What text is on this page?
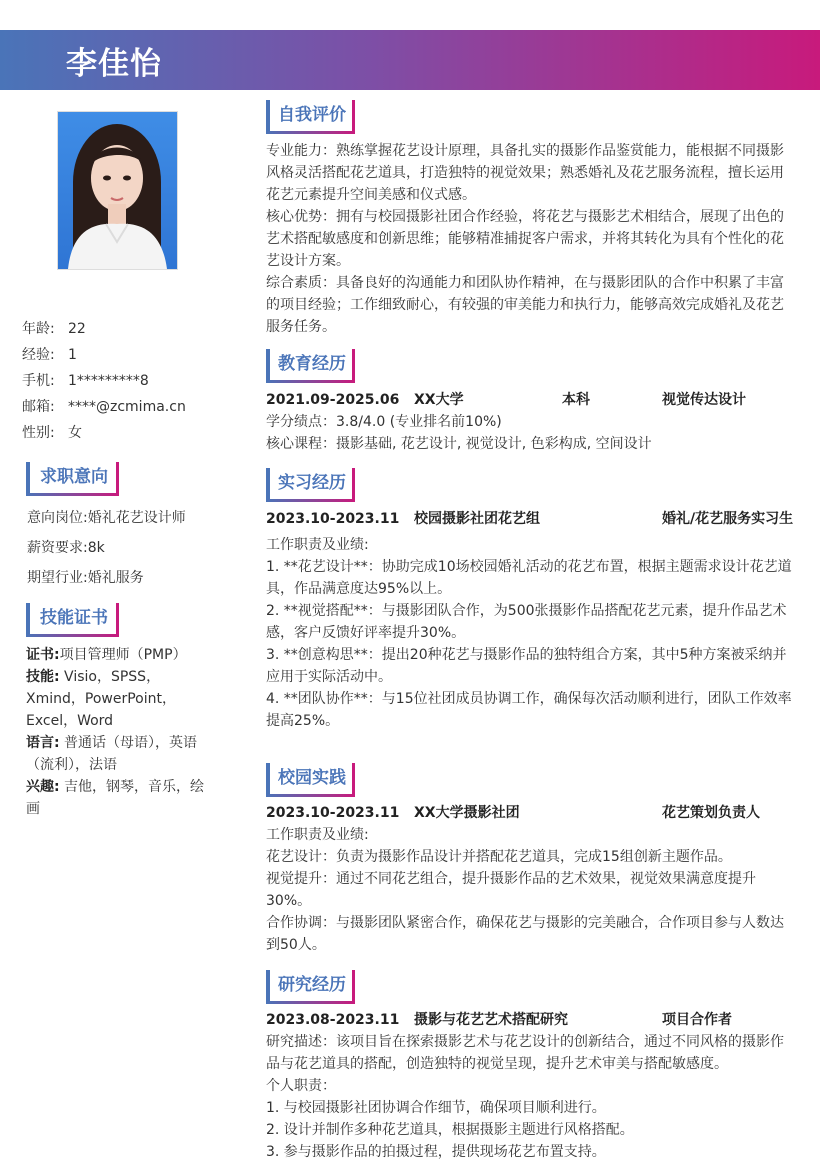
李佳怡
年龄: 22
经验: 1
手机: 1*********8
邮箱: ****@zcmima.cn
性别: 女
求职意向
意向岗位:婚礼花艺设计师
薪资要求:8k
期望行业:婚礼服务
技能证书
证书:项目管理师（PMP）
技能: Visio，SPSS，Xmind，PowerPoint，Excel，Word
语言: 普通话（母语），英语（流利），法语
兴趣: 吉他，钢琴，音乐，绘画
自我评价

专业能力：熟练掌握花艺设计原理，具备扎实的摄影作品鉴赏能力，能根据不同摄影风格灵活搭配花艺道具，打造独特的视觉效果；熟悉婚礼及花艺服务流程，擅长运用花艺元素提升空间美感和仪式感。

核心优势：拥有与校园摄影社团合作经验，将花艺与摄影艺术相结合，展现了出色的艺术搭配敏感度和创新思维；能够精准捕捉客户需求，并将其转化为具有个性化的花艺设计方案。

综合素质：具备良好的沟通能力和团队协作精神，在与摄影团队的合作中积累了丰富的项目经验；工作细致耐心，有较强的审美能力和执行力，能够高效完成婚礼及花艺服务任务。

教育经历
2021.09-2025.06	XX大学	本科	视觉传达设计

学分绩点：3.8/4.0 (专业排名前10%)

核心课程：摄影基础, 花艺设计, 视觉设计, 色彩构成, 空间设计

实习经历
2023.10-2023.11	校园摄影社团花艺组	婚礼/花艺服务实习生

工作职责及业绩:

1. **花艺设计**：协助完成10场校园婚礼活动的花艺布置，根据主题需求设计花艺道具，作品满意度达95%以上。

2. **视觉搭配**：与摄影团队合作，为500张摄影作品搭配花艺元素，提升作品艺术感，客户反馈好评率提升30%。

3. **创意构思**：提出20种花艺与摄影作品的独特组合方案，其中5种方案被采纳并应用于实际活动中。

4. **团队协作**：与15位社团成员协调工作，确保每次活动顺利进行，团队工作效率提高25%。

校园实践
2023.10-2023.11	XX大学摄影社团	花艺策划负责人

工作职责及业绩:

花艺设计：负责为摄影作品设计并搭配花艺道具，完成15组创新主题作品。

视觉提升：通过不同花艺组合，提升摄影作品的艺术效果，视觉效果满意度提升30%。

合作协调：与摄影团队紧密合作，确保花艺与摄影的完美融合，合作项目参与人数达到50人。

研究经历
2023.08-2023.11	摄影与花艺艺术搭配研究	项目合作者

研究描述：该项目旨在探索摄影艺术与花艺设计的创新结合，通过不同风格的摄影作品与花艺道具的搭配，创造独特的视觉呈现，提升艺术审美与搭配敏感度。

个人职责：

1. 与校园摄影社团协调合作细节，确保项目顺利进行。

2. 设计并制作多种花艺道具，根据摄影主题进行风格搭配。

3. 参与摄影作品的拍摄过程，提供现场花艺布置支持。
